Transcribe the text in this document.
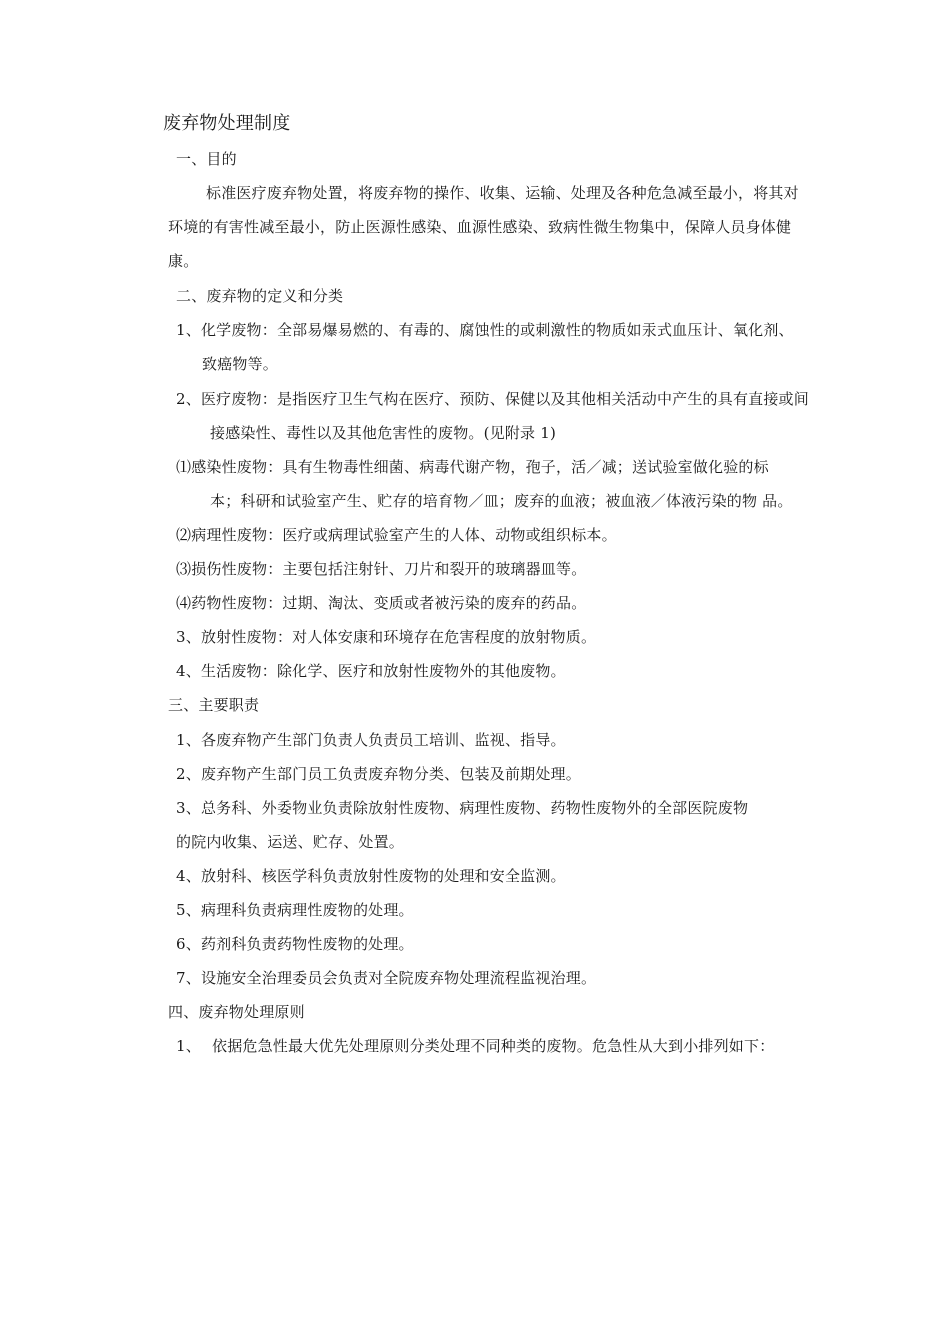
废弃物处理制度
一、目的
标准医疗废弃物处置，将废弃物的操作、收集、运输、处理及各种危急减至最小，将其对
环境的有害性减至最小，防止医源性感染、血源性感染、致病性微生物集中，保障人员身体健
康。
二、废弃物的定义和分类
1、化学废物：全部易爆易燃的、有毒的、腐蚀性的或刺激性的物质如汞式血压计、氧化剂、
致癌物等。
2、医疗废物：是指医疗卫生气构在医疗、预防、保健以及其他相关活动中产生的具有直接或间
接感染性、毒性以及其他危害性的废物。(见附录 1)
⑴感染性废物：具有生物毒性细菌、病毒代谢产物，孢子，活／减；送试验室做化验的标
本；科研和试验室产生、贮存的培育物／皿；废弃的血液；被血液／体液污染的物 品。
⑵病理性废物：医疗或病理试验室产生的人体、动物或组织标本。
⑶损伤性废物：主要包括注射针、刀片和裂开的玻璃器皿等。
⑷药物性废物：过期、淘汰、变质或者被污染的废弃的药品。
3、放射性废物：对人体安康和环境存在危害程度的放射物质。
4、生活废物：除化学、医疗和放射性废物外的其他废物。
三、主要职责
1、各废弃物产生部门负责人负责员工培训、监视、指导。
2、废弃物产生部门员工负责废弃物分类、包装及前期处理。
3、总务科、外委物业负责除放射性废物、病理性废物、药物性废物外的全部医院废物
的院内收集、运送、贮存、处置。
4、放射科、核医学科负责放射性废物的处理和安全监测。
5、病理科负责病理性废物的处理。
6、药剂科负责药物性废物的处理。
7、设施安全治理委员会负责对全院废弃物处理流程监视治理。
四、废弃物处理原则
1、 依据危急性最大优先处理原则分类处理不同种类的废物。危急性从大到小排列如下：
